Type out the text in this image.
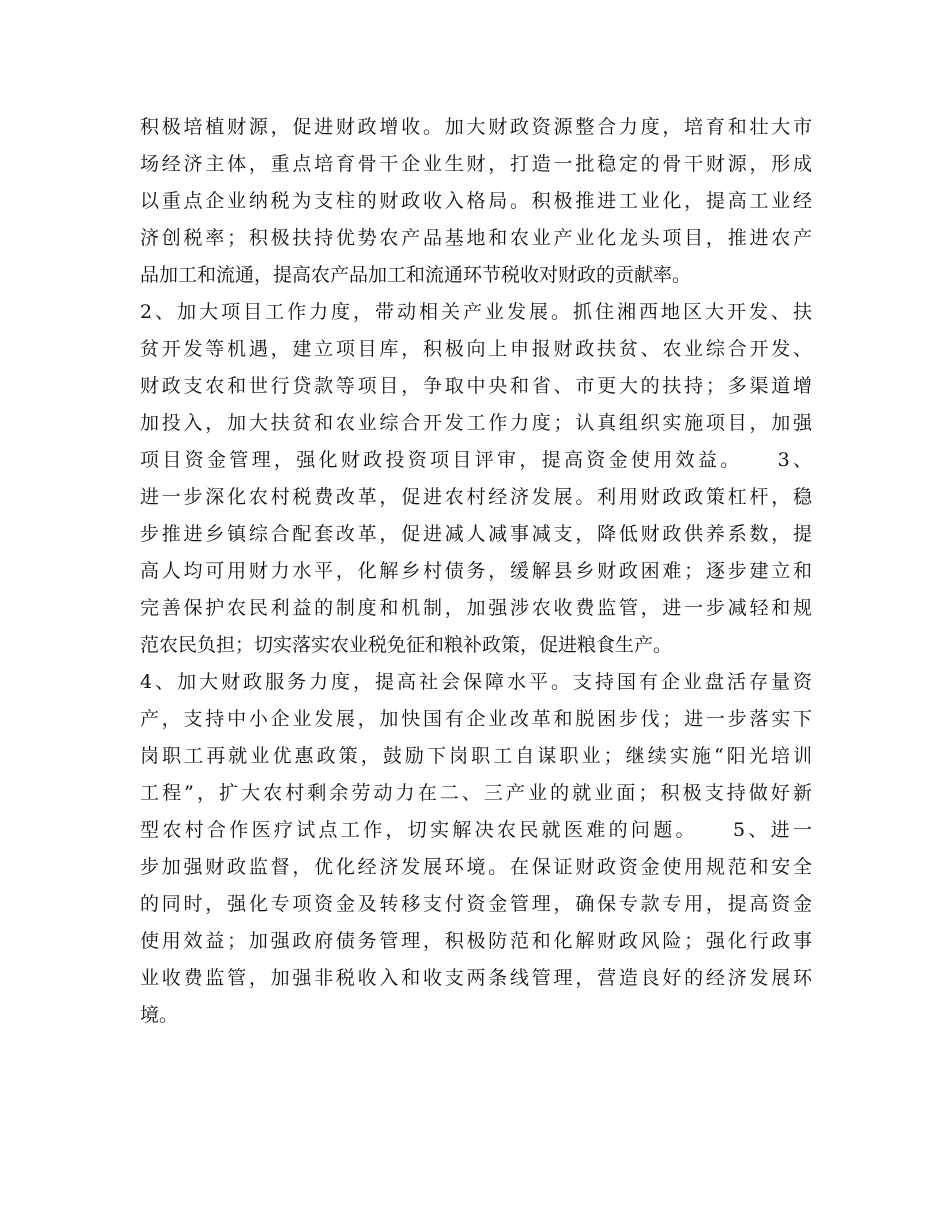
积极培植财源，促进财政增收。加大财政资源整合力度，培育和壮大市
场经济主体，重点培育骨干企业生财，打造一批稳定的骨干财源，形成
以重点企业纳税为支柱的财政收入格局。积极推进工业化，提高工业经
济创税率；积极扶持优势农产品基地和农业产业化龙头项目，推进农产
品加工和流通，提高农产品加工和流通环节税收对财政的贡献率。
2、加大项目工作力度，带动相关产业发展。抓住湘西地区大开发、扶
贫开发等机遇，建立项目库，积极向上申报财政扶贫、农业综合开发、
财政支农和世行贷款等项目，争取中央和省、市更大的扶持；多渠道增
加投入，加大扶贫和农业综合开发工作力度；认真组织实施项目，加强
项目资金管理，强化财政投资项目评审，提高资金使用效益。　　3、
进一步深化农村税费改革，促进农村经济发展。利用财政政策杠杆，稳
步推进乡镇综合配套改革，促进减人减事减支，降低财政供养系数，提
高人均可用财力水平，化解乡村债务，缓解县乡财政困难；逐步建立和
完善保护农民利益的制度和机制，加强涉农收费监管，进一步减轻和规
范农民负担；切实落实农业税免征和粮补政策，促进粮食生产。
4、加大财政服务力度，提高社会保障水平。支持国有企业盘活存量资
产，支持中小企业发展，加快国有企业改革和脱困步伐；进一步落实下
岗职工再就业优惠政策，鼓励下岗职工自谋职业；继续实施“阳光培训
工程”，扩大农村剩余劳动力在二、三产业的就业面；积极支持做好新
型农村合作医疗试点工作，切实解决农民就医难的问题。　　5、进一
步加强财政监督，优化经济发展环境。在保证财政资金使用规范和安全
的同时，强化专项资金及转移支付资金管理，确保专款专用，提高资金
使用效益；加强政府债务管理，积极防范和化解财政风险；强化行政事
业收费监管，加强非税收入和收支两条线管理，营造良好的经济发展环
境。
